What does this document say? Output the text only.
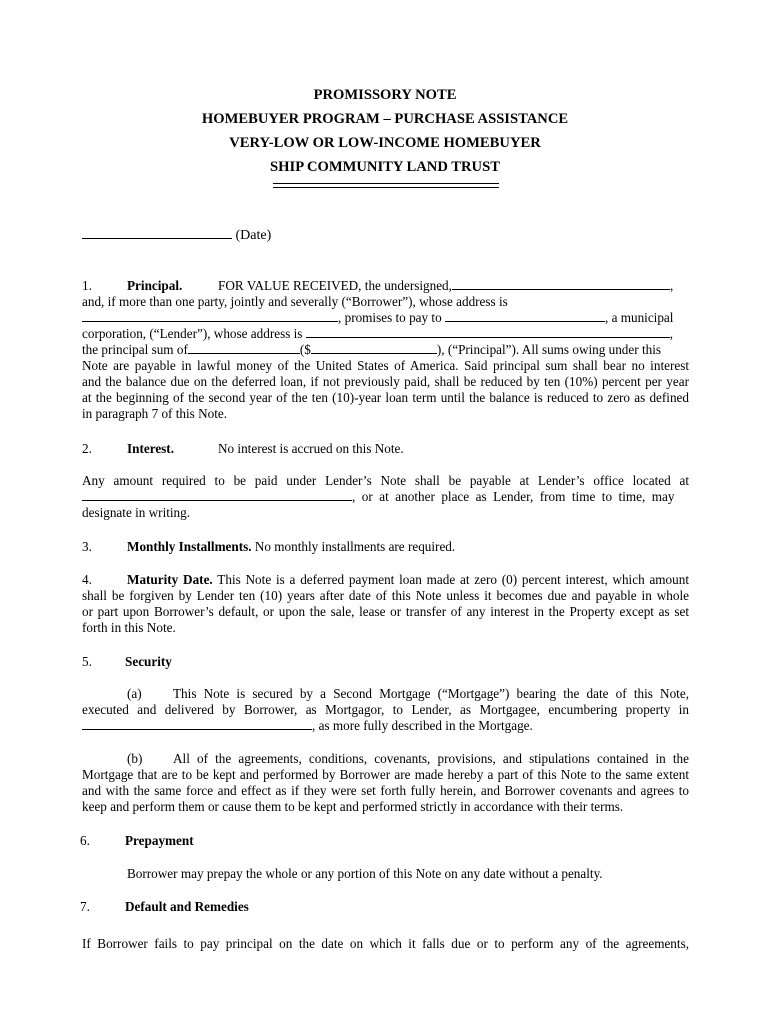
PROMISSORY NOTE
HOMEBUYER PROGRAM – PURCHASE ASSISTANCE
VERY-LOW OR LOW-INCOME HOMEBUYER
SHIP COMMUNITY LAND TRUST
(Date)
1.	Principal.	FOR VALUE RECEIVED, the undersigned,	,
and, if more than one party, jointly and severally (“Borrower”), whose address is
, promises to pay to	, a municipal
corporation, (“Lender”), whose address is	,
the principal sum of	($	), (“Principal”). All sums owing under this
Note are payable in lawful money of the United States of America. Said principal sum shall bear no interest
and the balance due on the deferred loan, if not previously paid, shall be reduced by ten (10%) percent per year
at the beginning of the second year of the ten (10)-year loan term until the balance is reduced to zero as defined
in paragraph 7 of this Note.
2.	Interest.	No interest is accrued on this Note.
Any amount required to be paid under Lender’s Note shall be payable at Lender’s office located at
, or at another place as Lender, from time to time, may
designate in writing.
3.	Monthly Installments. No monthly installments are required.
4.	Maturity Date. This Note is a deferred payment loan made at zero (0) percent interest, which amount
shall be forgiven by Lender ten (10) years after date of this Note unless it becomes due and payable in whole
or part upon Borrower’s default, or upon the sale, lease or transfer of any interest in the Property except as set
forth in this Note.
5.	Security
(a) This Note is secured by a Second Mortgage (“Mortgage”) bearing the date of this Note,
executed and delivered by Borrower, as Mortgagor, to Lender, as Mortgagee, encumbering property in
, as more fully described in the Mortgage.
(b) All of the agreements, conditions, covenants, provisions, and stipulations contained in the
Mortgage that are to be kept and performed by Borrower are made hereby a part of this Note to the same extent
and with the same force and effect as if they were set forth fully herein, and Borrower covenants and agrees to
keep and perform them or cause them to be kept and performed strictly in accordance with their terms.
6.	Prepayment
Borrower may prepay the whole or any portion of this Note on any date without a penalty.
7.	Default and Remedies
If Borrower fails to pay principal on the date on which it falls due or to perform any of the agreements,
